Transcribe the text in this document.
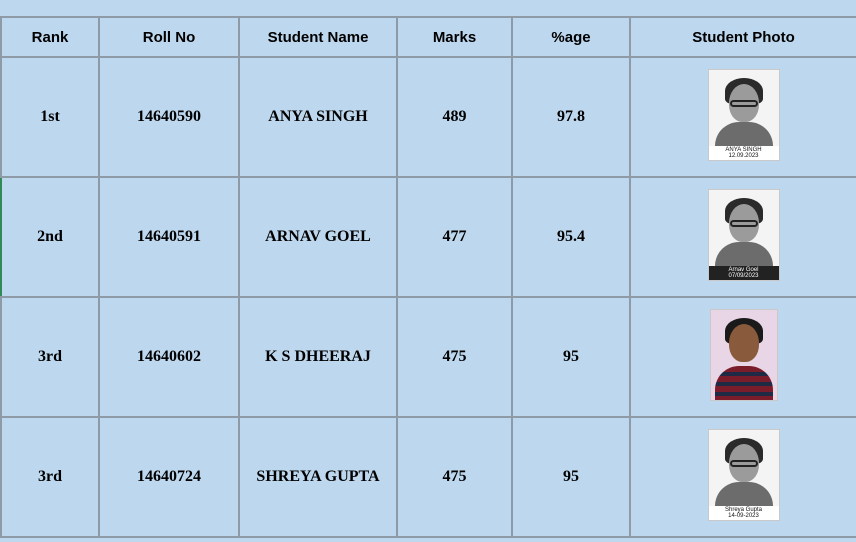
Rank	Roll No	Student Name	Marks	%age	Student Photo
1st	14640590	ANYA SINGH	489	97.8	ANYA SINGH
12.09.2023

2nd	14640591	ARNAV GOEL	477	95.4	Arnav Goel
07/09/2023

3rd	14640602	K S DHEERAJ	475	95	

3rd	14640724	SHREYA GUPTA	475	95	Shreya Gupta
14-09-2023
